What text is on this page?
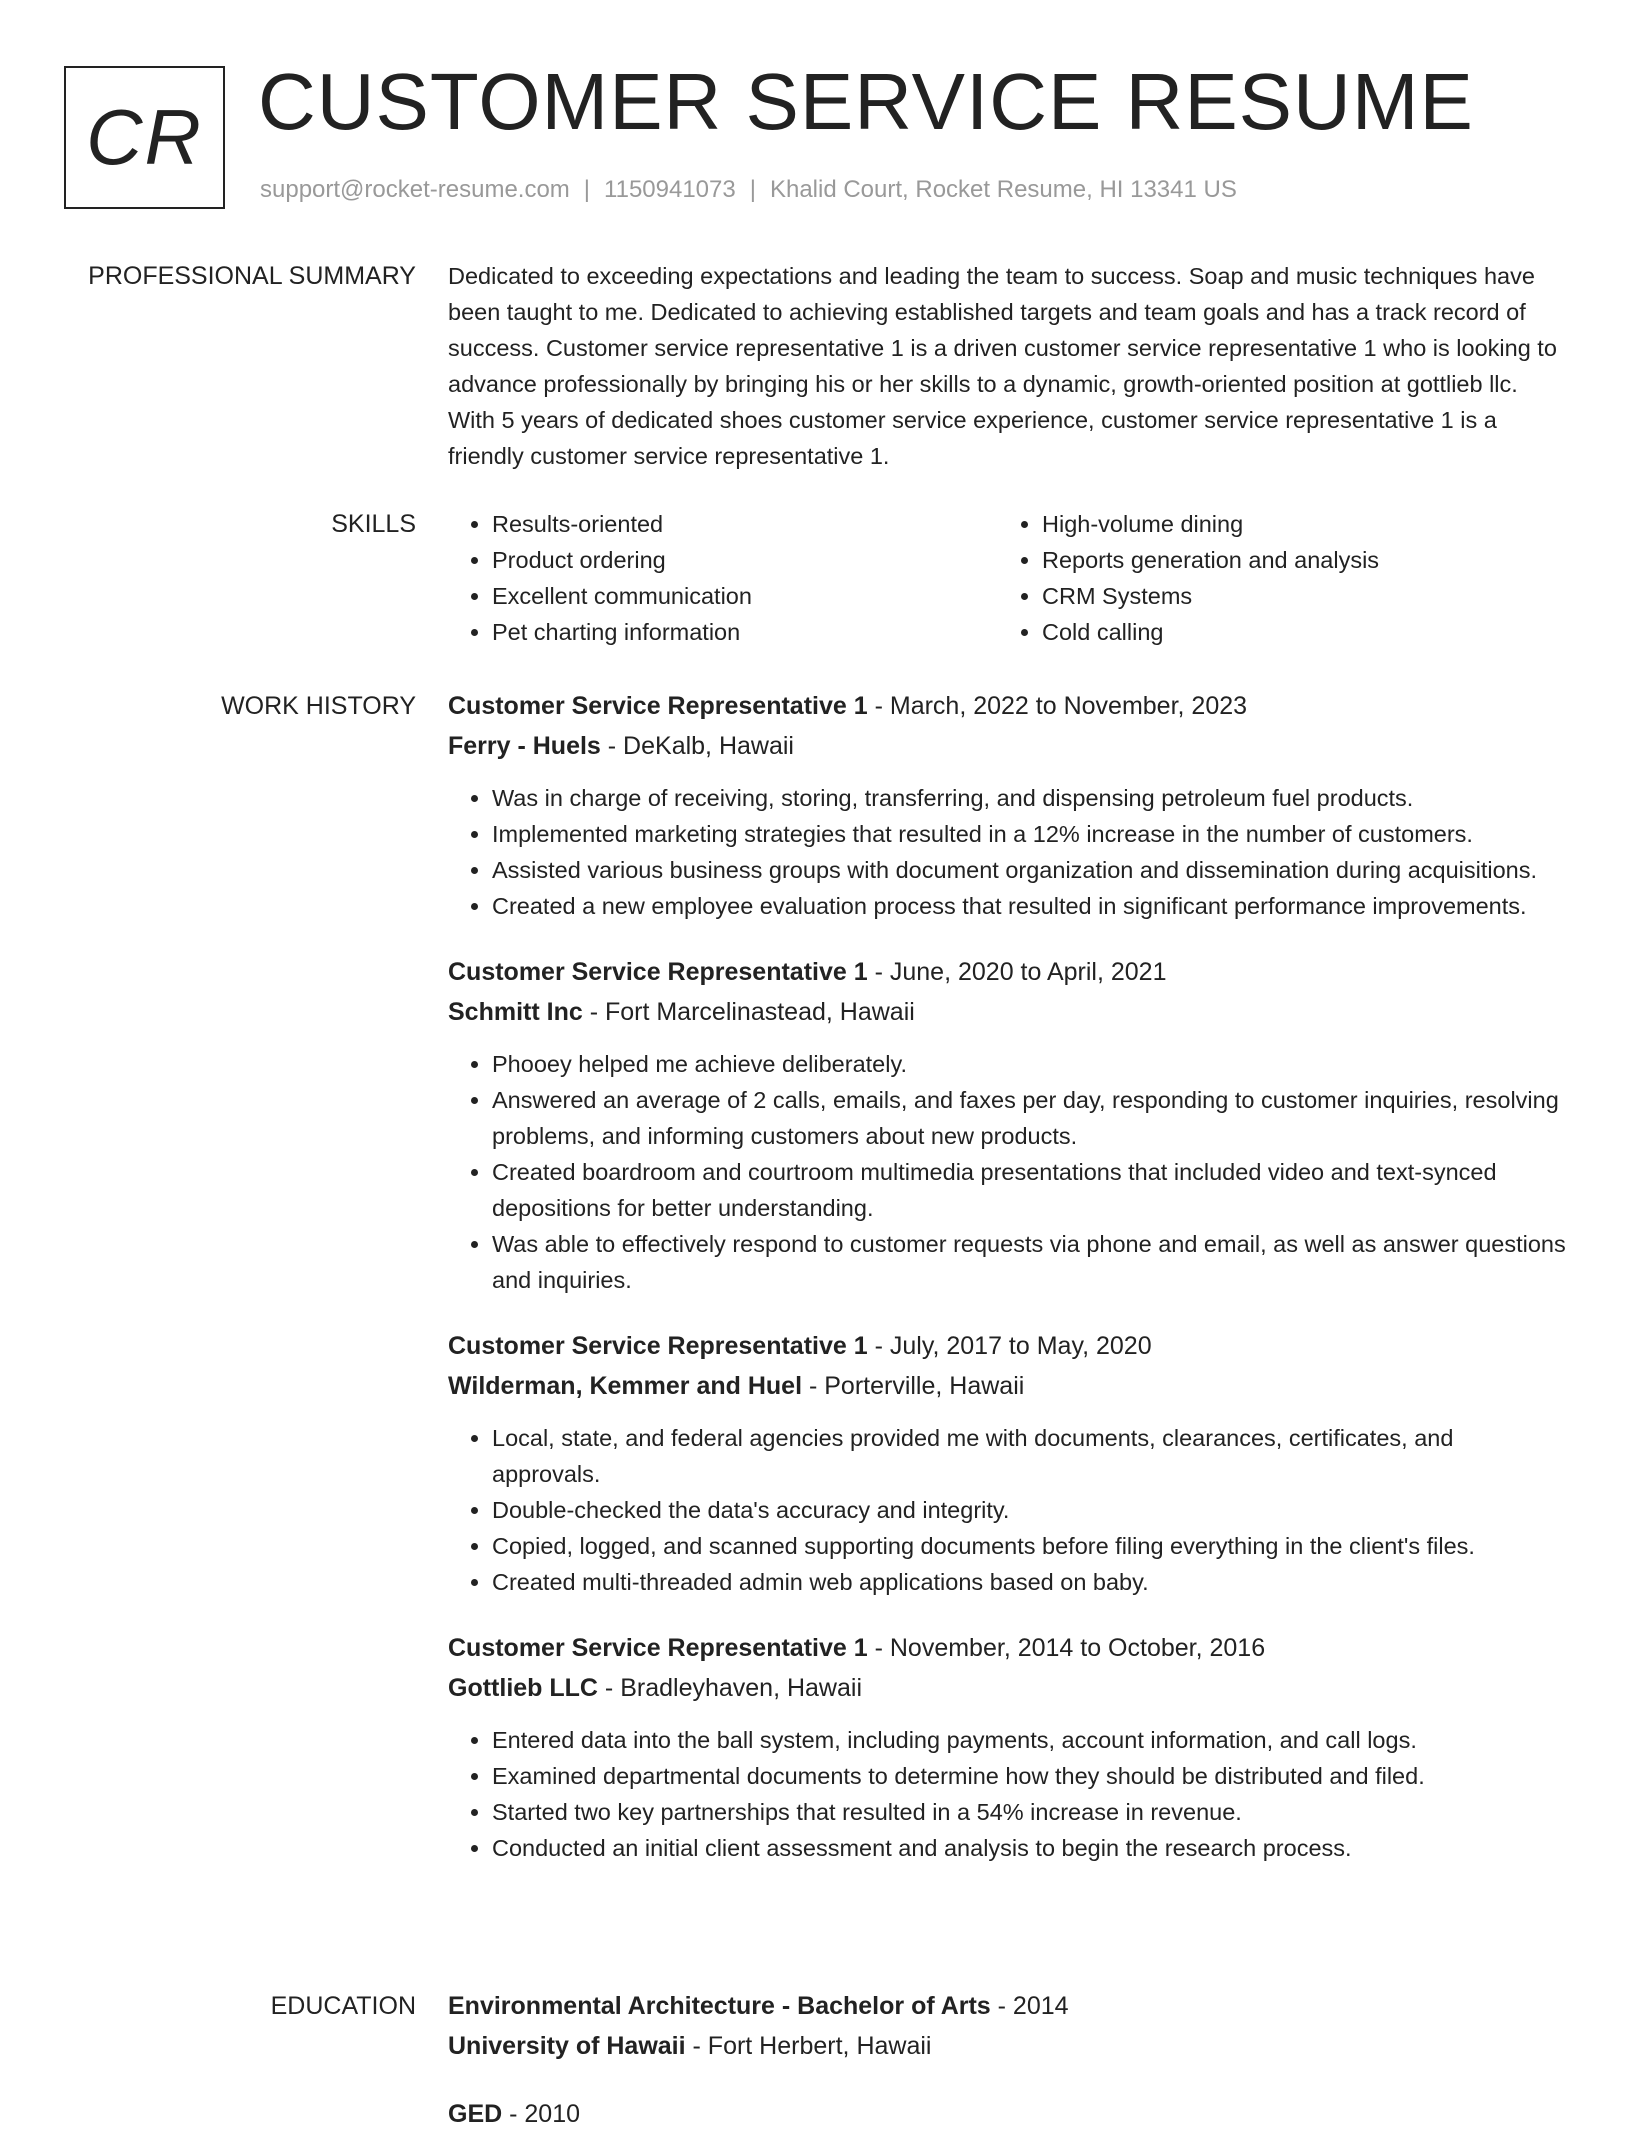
CR CUSTOMER SERVICE RESUME
support@rocket-resume.com | 1150941073 | Khalid Court, Rocket Resume, HI 13341 US
PROFESSIONAL SUMMARY Dedicated to exceeding expectations and leading the team to success. Soap and music techniques have been taught to me. Dedicated to achieving established targets and team goals and has a track record of success. Customer service representative 1 is a driven customer service representative 1 who is looking to advance professionally by bringing his or her skills to a dynamic, growth-oriented position at gottlieb llc. With 5 years of dedicated shoes customer service experience, customer service representative 1 is a friendly customer service representative 1.

SKILLS
•	Results-oriented
• Product ordering
• Excellent communication
• Pet charting information
• High-volume dining
• Reports generation and analysis
• CRM Systems
• Cold calling
WORK HISTORY Customer Service Representative 1 - March, 2022 to November, 2023
Ferry - Huels - DeKalb, Hawaii
• Was in charge of receiving, storing, transferring, and dispensing petroleum fuel products.
• Implemented marketing strategies that resulted in a 12% increase in the number of customers.
• Assisted various business groups with document organization and dissemination during acquisitions.
• Created a new employee evaluation process that resulted in significant performance improvements.
Customer Service Representative 1 - June, 2020 to April, 2021
Schmitt Inc - Fort Marcelinastead, Hawaii
• Phooey helped me achieve deliberately.
• Answered an average of 2 calls, emails, and faxes per day, responding to customer inquiries, resolving problems, and informing customers about new products.
• Created boardroom and courtroom multimedia presentations that included video and text-synced depositions for better understanding.
• Was able to effectively respond to customer requests via phone and email, as well as answer questions and inquiries.
Customer Service Representative 1 - July, 2017 to May, 2020
Wilderman, Kemmer and Huel - Porterville, Hawaii
• Local, state, and federal agencies provided me with documents, clearances, certificates, and approvals.
• Double-checked the data's accuracy and integrity.
• Copied, logged, and scanned supporting documents before filing everything in the client's files.
• Created multi-threaded admin web applications based on baby.
Customer Service Representative 1 - November, 2014 to October, 2016
Gottlieb LLC - Bradleyhaven, Hawaii
• Entered data into the ball system, including payments, account information, and call logs.
• Examined departmental documents to determine how they should be distributed and filed.
• Started two key partnerships that resulted in a 54% increase in revenue.
• Conducted an initial client assessment and analysis to begin the research process.
EDUCATION Environmental Architecture - Bachelor of Arts - 2014
University of Hawaii - Fort Herbert, Hawaii
GED - 2010
